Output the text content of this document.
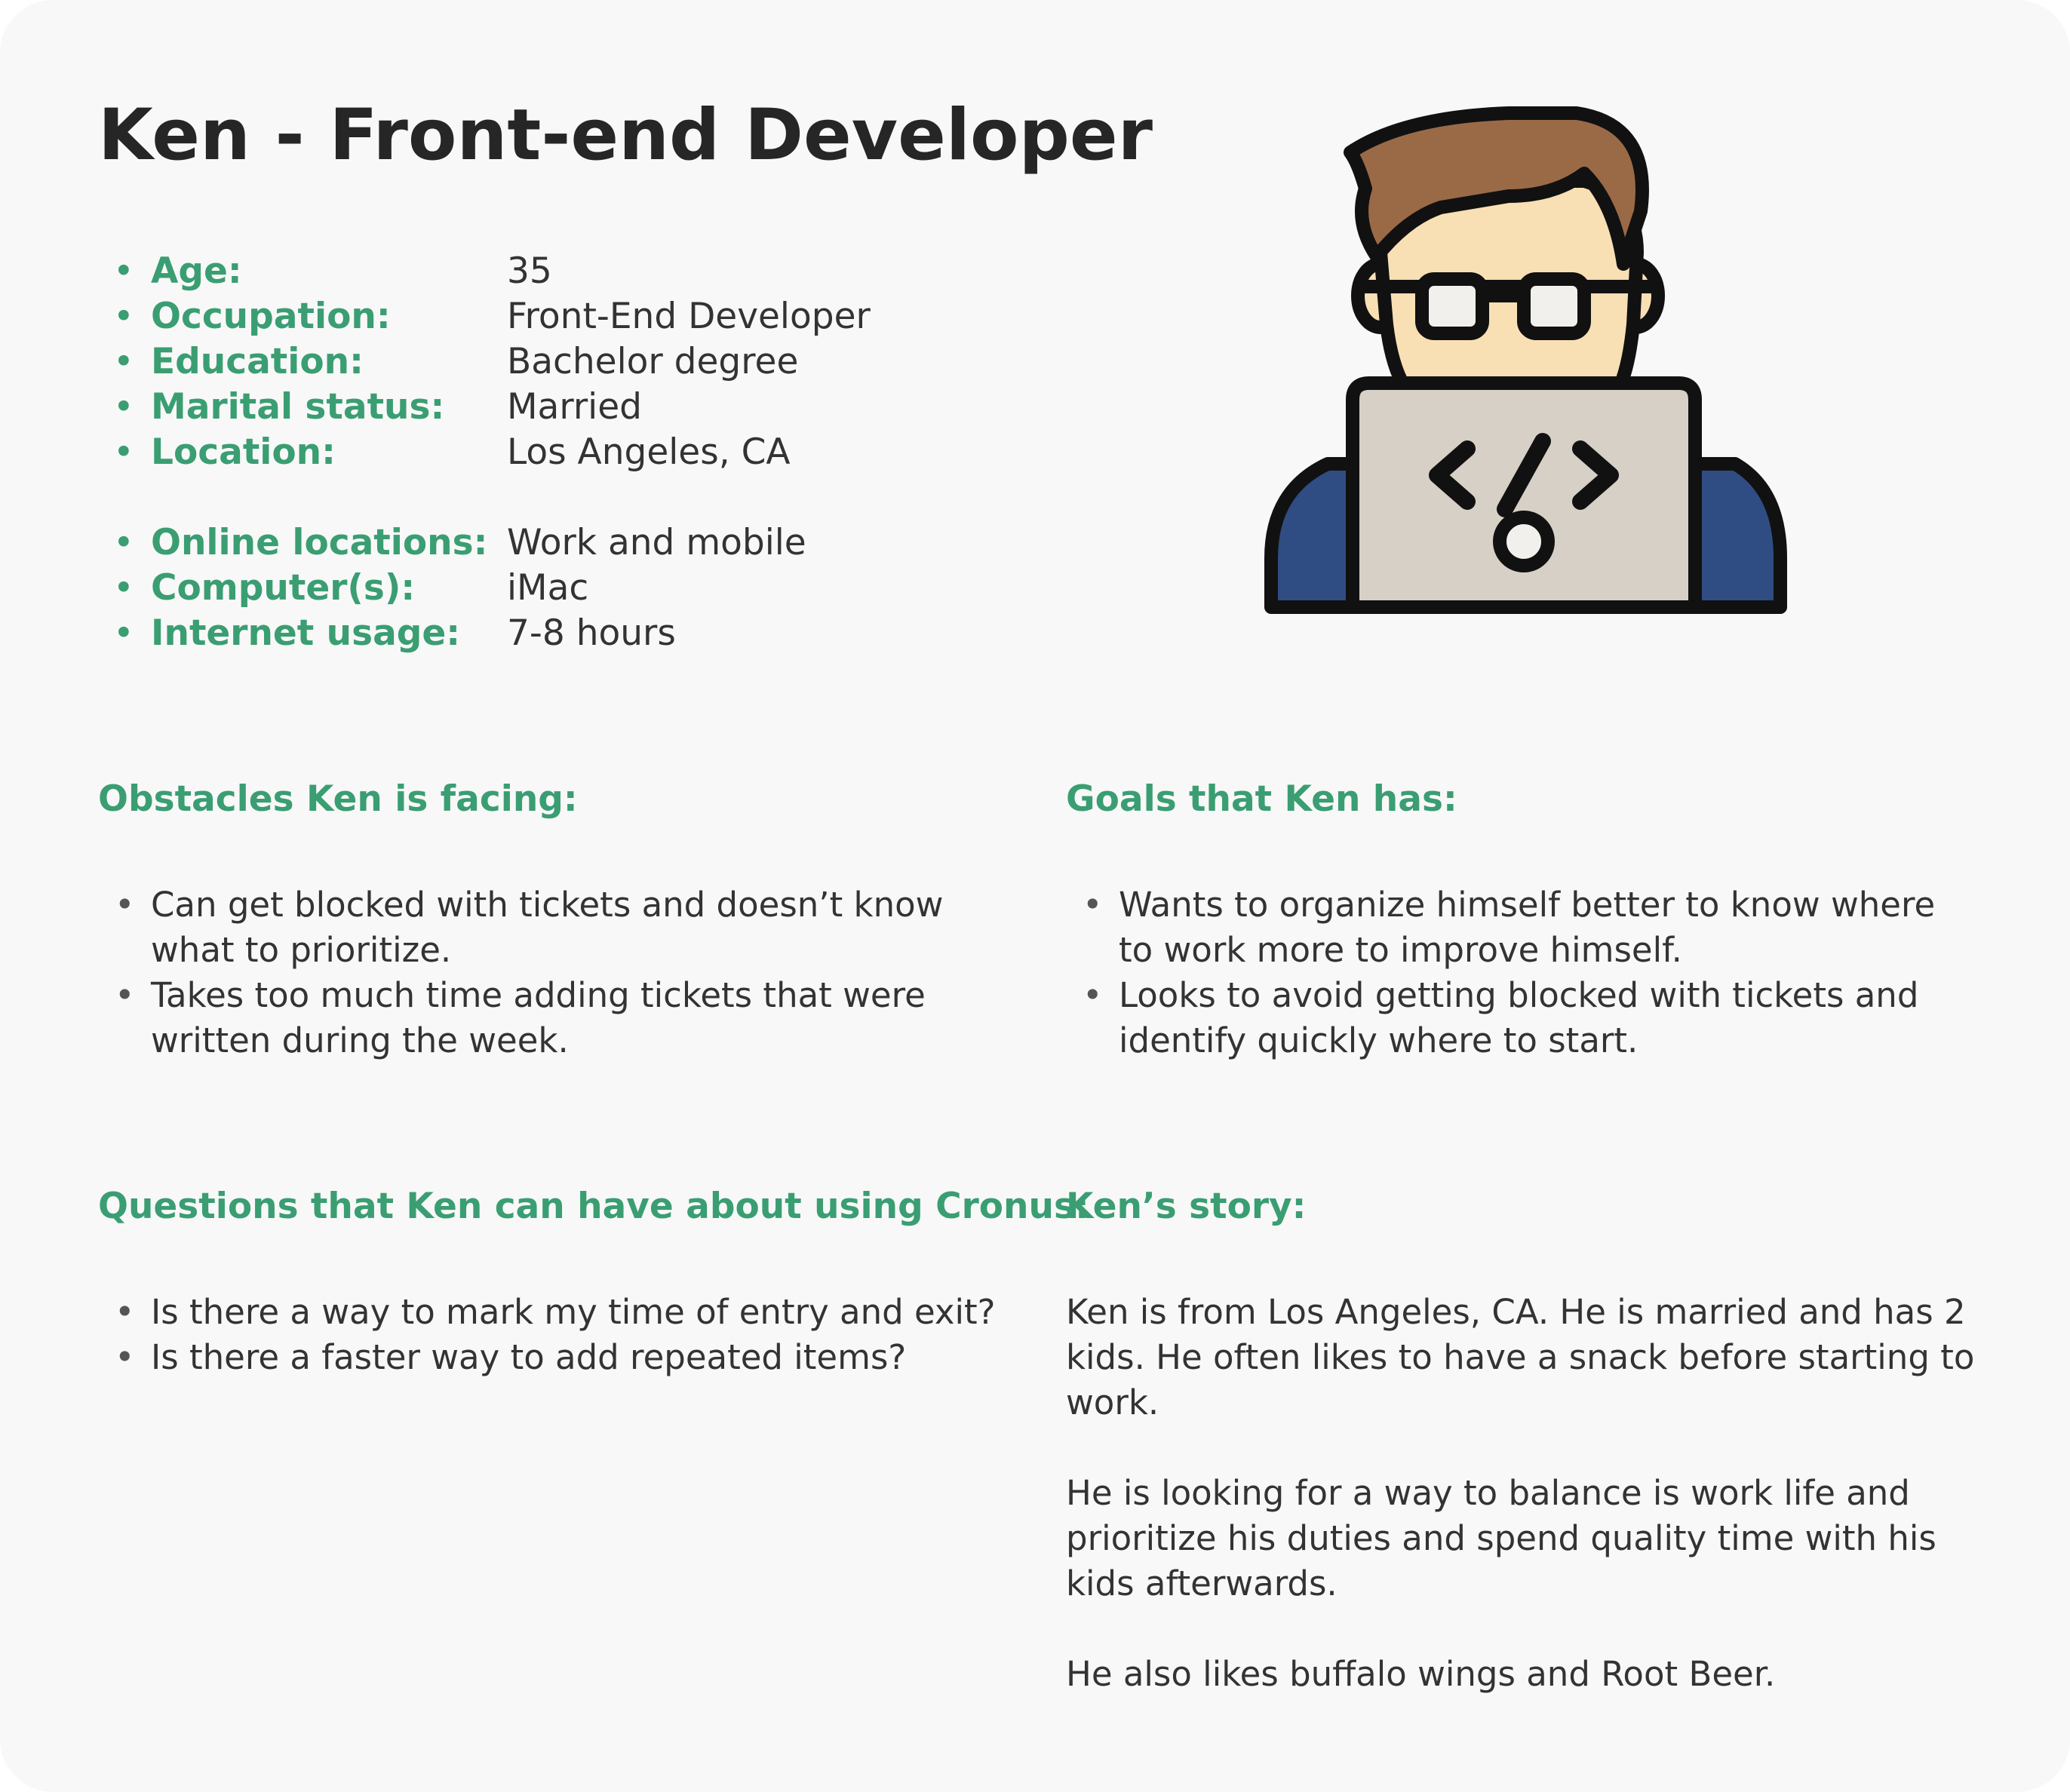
Ken - Front-end Developer
• Age:	35
• Occupation:	Front-End Developer
• Education:	Bachelor degree
• Marital status: Married
• Location:	Los Angeles, CA
• Online locations: Work and mobile
• Computer(s):	iMac
• Internet usage: 7-8 hours
Obstacles Ken is facing:
• Can get blocked with tickets and doesn’t know what to prioritize.
• Takes too much time adding tickets that were written during the week.
Goals that Ken has:
• Wants to organize himself better to know where to work more to improve himself.
• Looks to avoid getting blocked with tickets and identify quickly where to start.
Questions that Ken can have about using Cronus:
• Is there a way to mark my time of entry and exit?
• Is there a faster way to add repeated items?
Ken’s story:

Ken is from Los Angeles, CA. He is married and has 2 kids. He often likes to have a snack before starting to work.

He is looking for a way to balance is work life and prioritize his duties and spend quality time with his kids afterwards.

He also likes buffalo wings and Root Beer.
